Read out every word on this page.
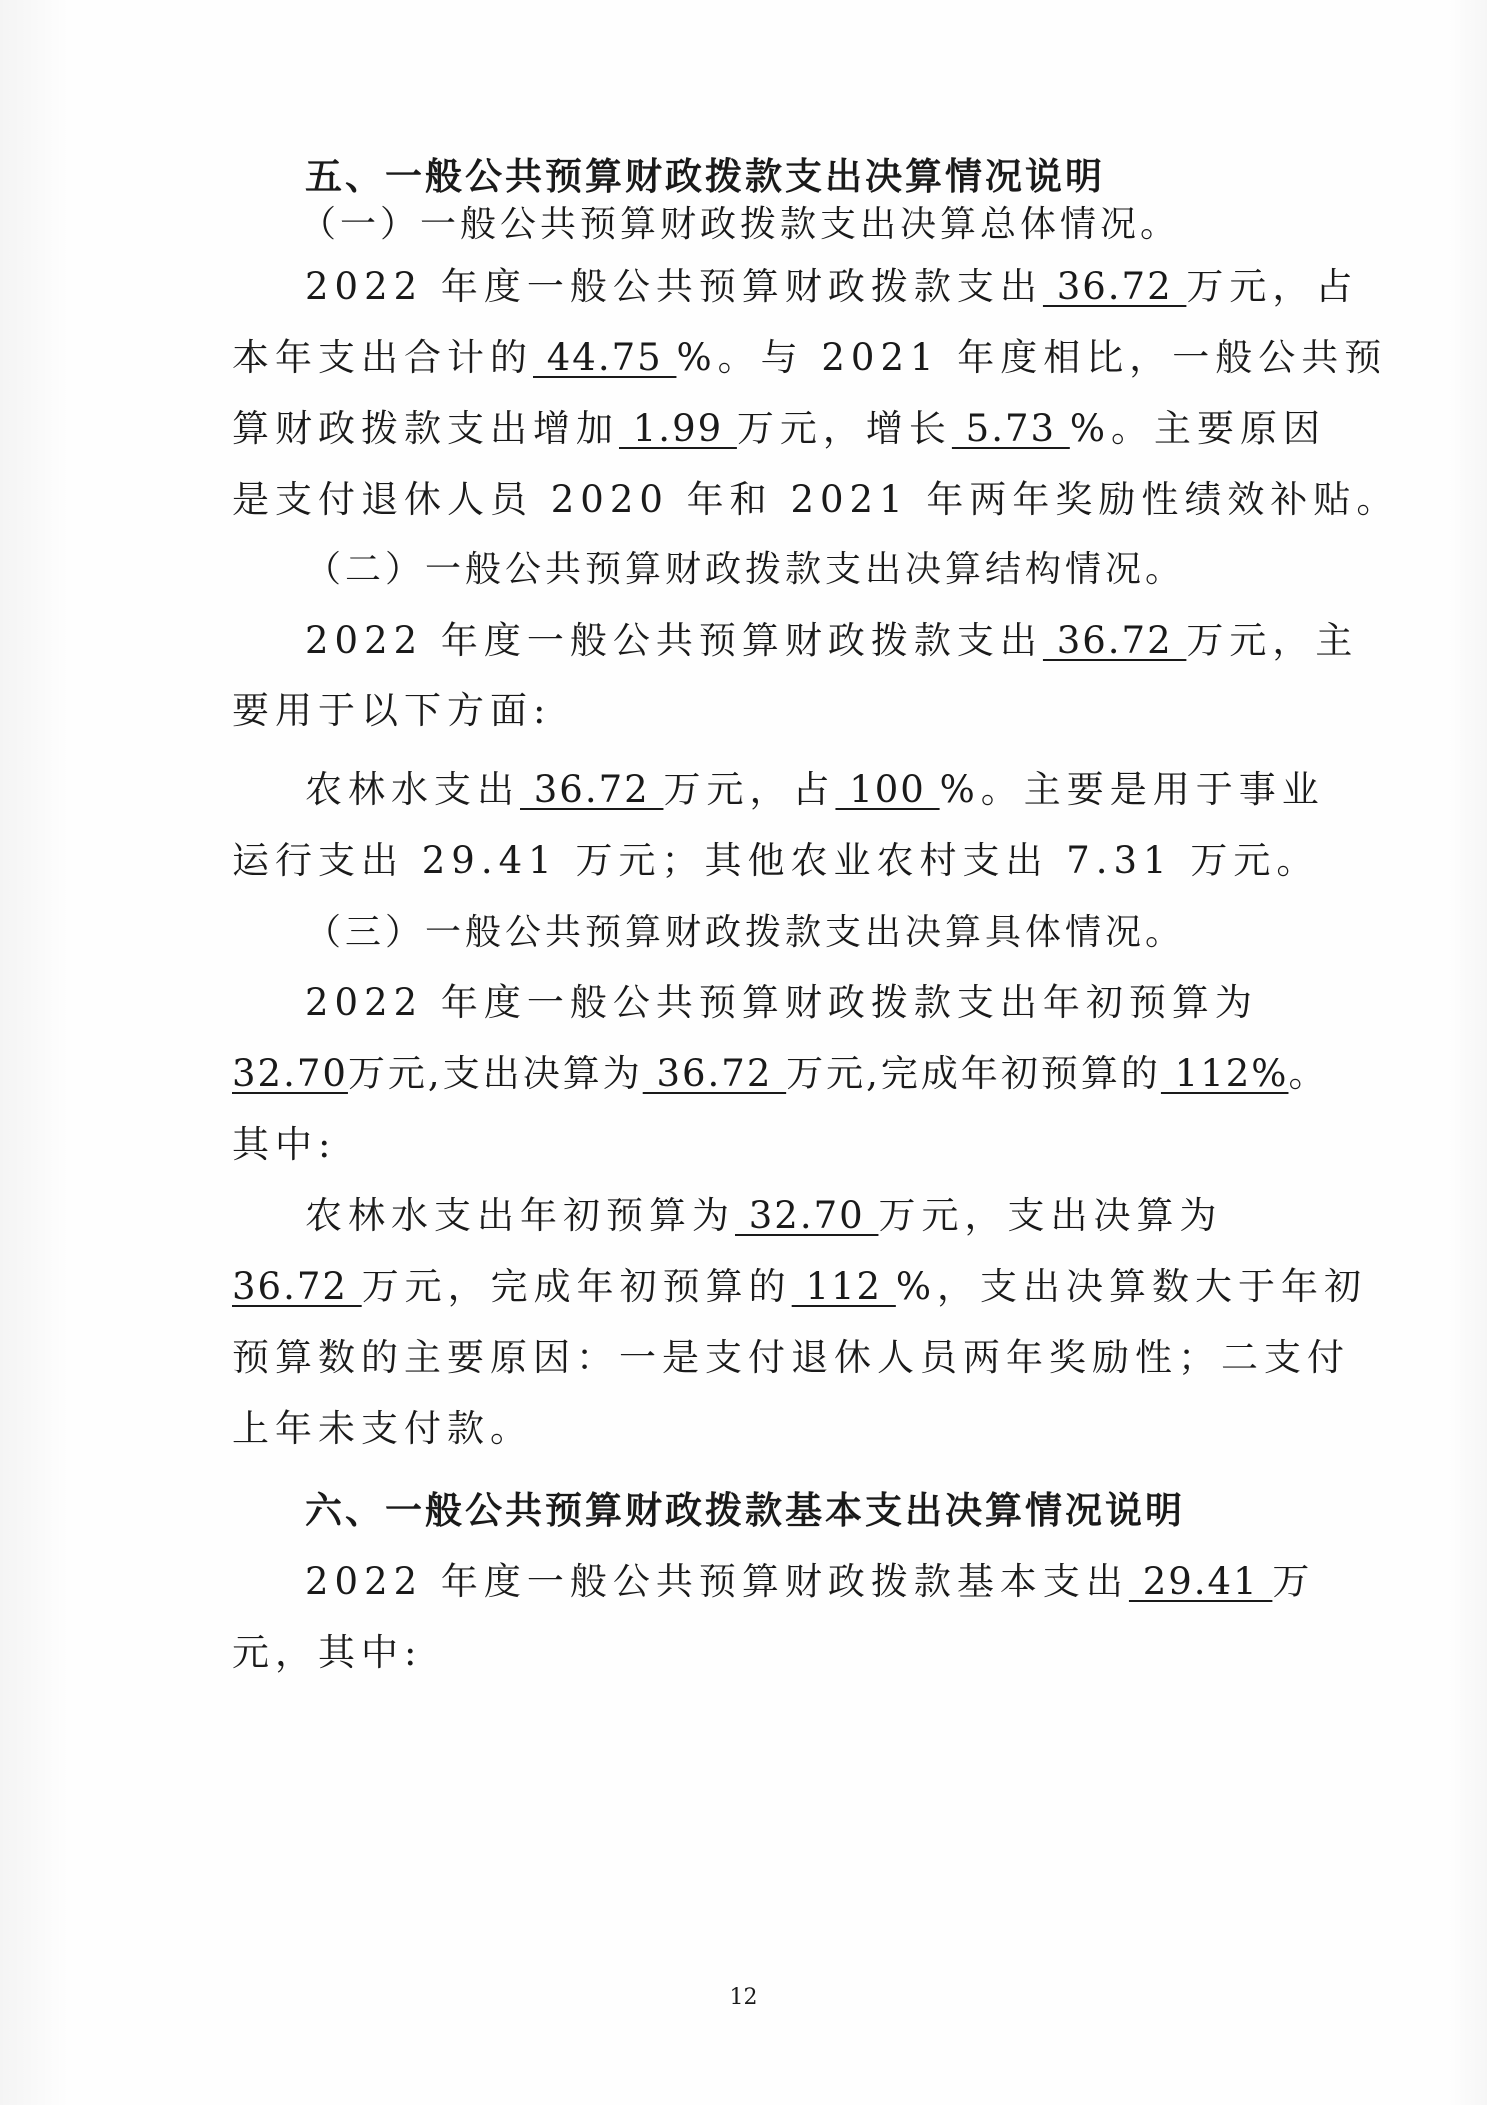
五、一般公共预算财政拨款支出决算情况说明
（一）一般公共预算财政拨款支出决算总体情况。
2022 年度一般公共预算财政拨款支出 36.72 万元，占
本年支出合计的 44.75 %。与 2021 年度相比，一般公共预
算财政拨款支出增加 1.99 万元，增长 5.73 %。主要原因
是支付退休人员 2020 年和 2021 年两年奖励性绩效补贴。
（二）一般公共预算财政拨款支出决算结构情况。
2022 年度一般公共预算财政拨款支出 36.72 万元，主
要用于以下方面:
农林水支出 36.72 万元，占 100 %。主要是用于事业
运行支出 29.41 万元；其他农业农村支出 7.31 万元。
（三）一般公共预算财政拨款支出决算具体情况。
2022 年度一般公共预算财政拨款支出年初预算为
32.70万元,支出决算为 36.72 万元,完成年初预算的 112%。
其中:
农林水支出年初预算为 32.70 万元，支出决算为
36.72 万元，完成年初预算的 112 %，支出决算数大于年初
预算数的主要原因：一是支付退休人员两年奖励性；二支付
上年未支付款。
六、一般公共预算财政拨款基本支出决算情况说明
2022 年度一般公共预算财政拨款基本支出 29.41 万
元，其中:
12
